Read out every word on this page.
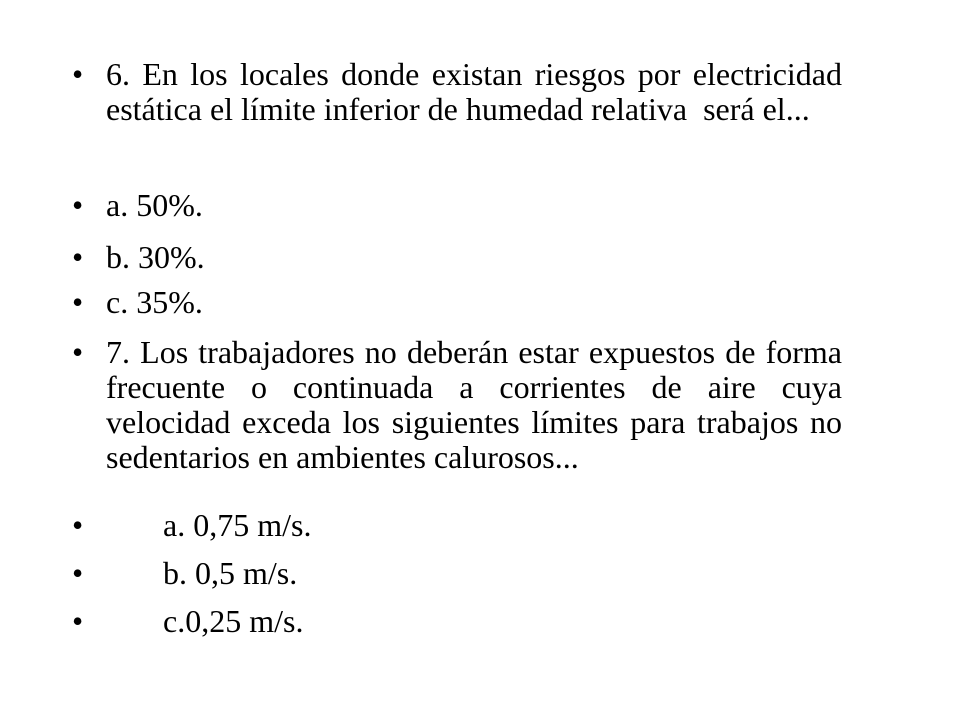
• 6. En los locales donde existan riesgos por electricidad estática el límite inferior de humedad relativa  será el...
• a. 50%.
• b. 30%.
• c. 35%.
• 7. Los trabajadores no deberán estar expuestos de forma frecuente o continuada a corrientes de aire cuya velocidad exceda los siguientes límites para trabajos no sedentarios en ambientes calurosos...
• a. 0,75 m/s.
• b. 0,5 m/s.
• c.0,25 m/s.
